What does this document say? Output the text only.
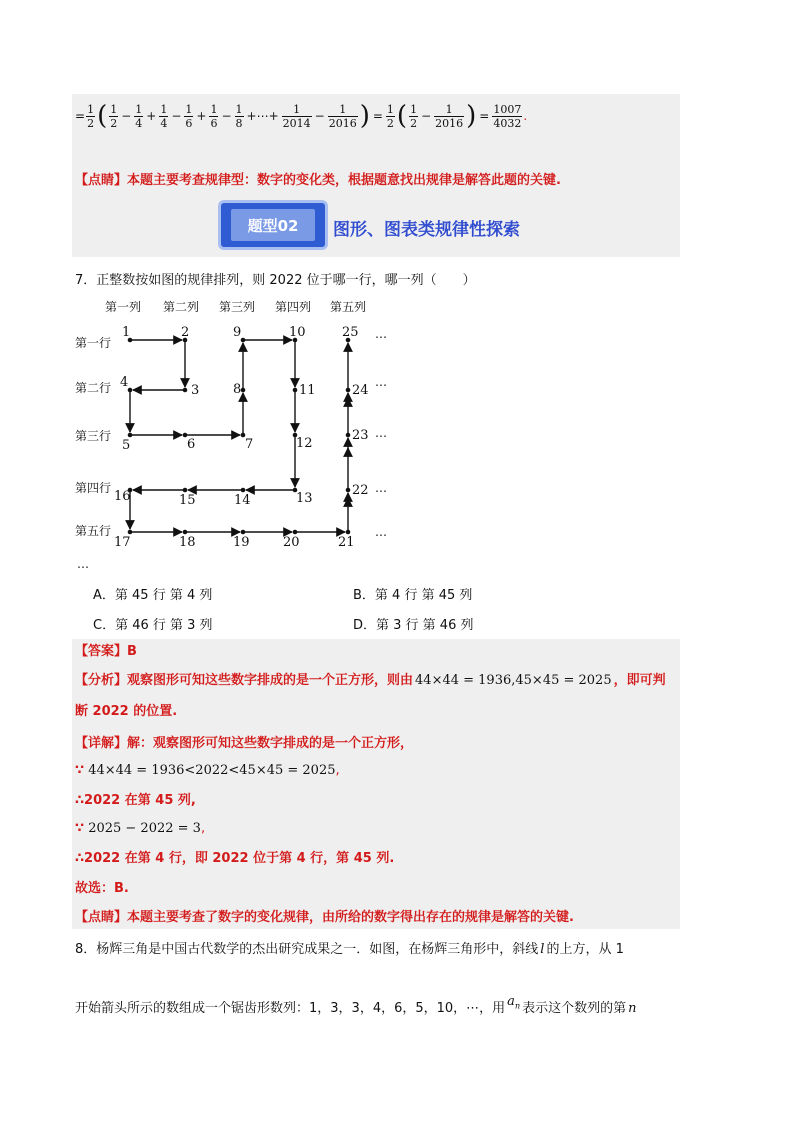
= $\frac{1}{2}$ ( $\frac{1}{2} - \frac{1}{4} + \frac{1}{4} - \frac{1}{6} + \frac{1}{6} - \frac{1}{8}$ +⋯+ $\frac{1}{2014} - \frac{1}{2016}$ ) = $\frac{1}{2}$ ( $\frac{1}{2} - \frac{1}{2016}$ ) = $\frac{1007}{4032}$ .
【点睛】本题主要考查规律型：数字的变化类，根据题意找出规律是解答此题的关键.
题型02	图形、图表类规律性探索
7．正整数按如图的规律排列，则 2022 位于哪一行，哪一列（　　）
第一列 第二列 第三列 第四列 第五列
第一行
第二行
第三行
第四行
第五行
…
…
…
…
…
…
1	2
3
4
5	6	7
8
9	10
11
12
13
14
15
16
17	18	19	20	21
22
23
24
25
A．第 45 行 第 4 列	B．第 4 行 第 45 列
C．第 46 行 第 3 列	D．第 3 行 第 46 列
【答案】B
【分析】观察图形可知这些数字排成的是一个正方形，则由 44×44 = 1936,45×45 = 2025 ，即可判
断 2022 的位置.
【详解】解：观察图形可知这些数字排成的是一个正方形，
∵ 44×44 = 1936<2022<45×45 = 2025,
∴2022 在第 45 列,
∵ 2025 − 2022 = 3,
∴2022 在第 4 行，即 2022 位于第 4 行，第 45 列.
故选：B.
【点睛】本题主要考查了数字的变化规律，由所给的数字得出存在的规律是解答的关键.
8．杨辉三角是中国古代数学的杰出研究成果之一．如图，在杨辉三角形中，斜线 l 的上方，从 1
开始箭头所示的数组成一个锯齿形数列：1，3，3，4，6，5，10，⋯，用 $a_n$ 表示这个数列的第 n
